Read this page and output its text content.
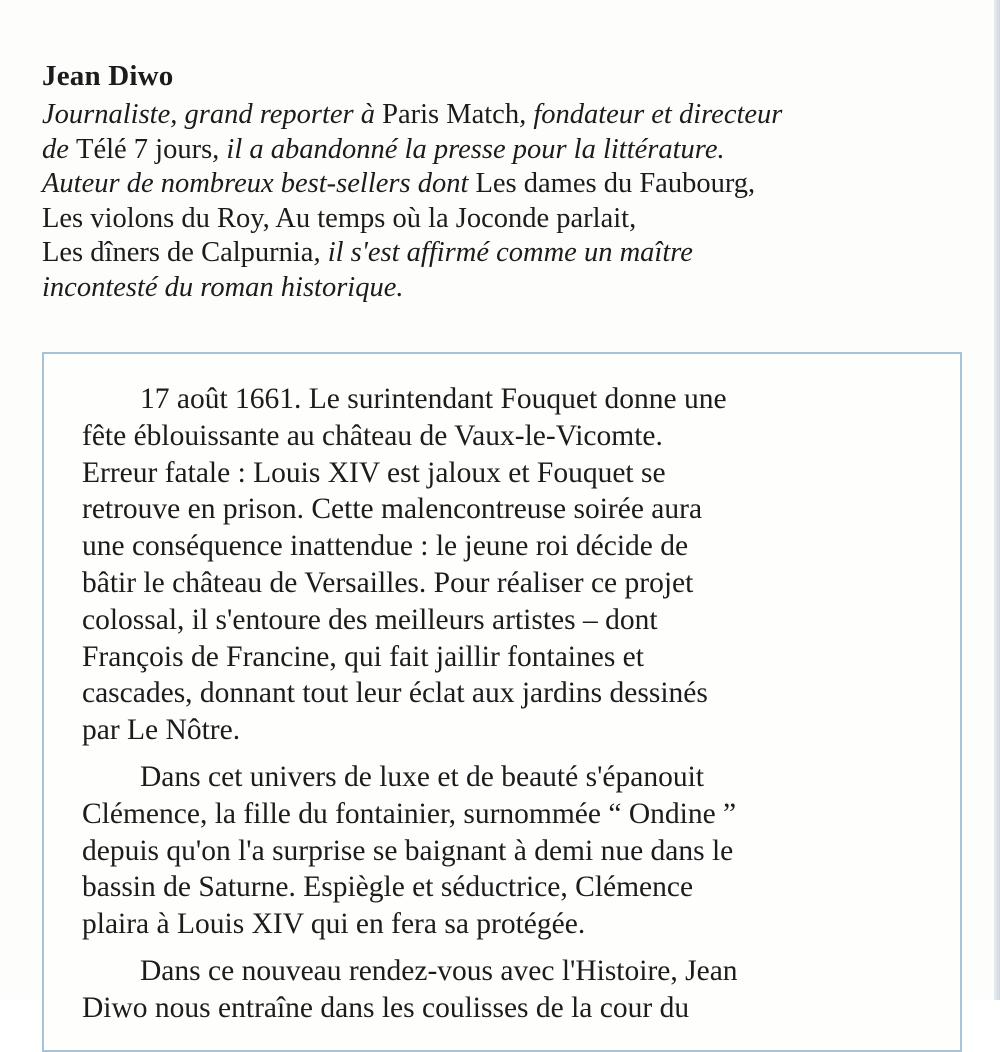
Jean Diwo

Journaliste, grand reporter à Paris Match, fondateur et directeur
de Télé 7 jours, il a abandonné la presse pour la littérature.
Auteur de nombreux best-sellers dont Les dames du Faubourg,
Les violons du Roy, Au temps où la Joconde parlait,
Les dîners de Calpurnia, il s'est affirmé comme un maître
incontesté du roman historique.

17 août 1661. Le surintendant Fouquet donne une
fête éblouissante au château de Vaux-le-Vicomte.
Erreur fatale : Louis XIV est jaloux et Fouquet se
retrouve en prison. Cette malencontreuse soirée aura
une conséquence inattendue : le jeune roi décide de
bâtir le château de Versailles. Pour réaliser ce projet
colossal, il s'entoure des meilleurs artistes – dont
François de Francine, qui fait jaillir fontaines et
cascades, donnant tout leur éclat aux jardins dessinés
par Le Nôtre.
Dans cet univers de luxe et de beauté s'épanouit
Clémence, la fille du fontainier, surnommée “ Ondine ”
depuis qu'on l'a surprise se baignant à demi nue dans le
bassin de Saturne. Espiègle et séductrice, Clémence
plaira à Louis XIV qui en fera sa protégée.
Dans ce nouveau rendez-vous avec l'Histoire, Jean
Diwo nous entraîne dans les coulisses de la cour du
